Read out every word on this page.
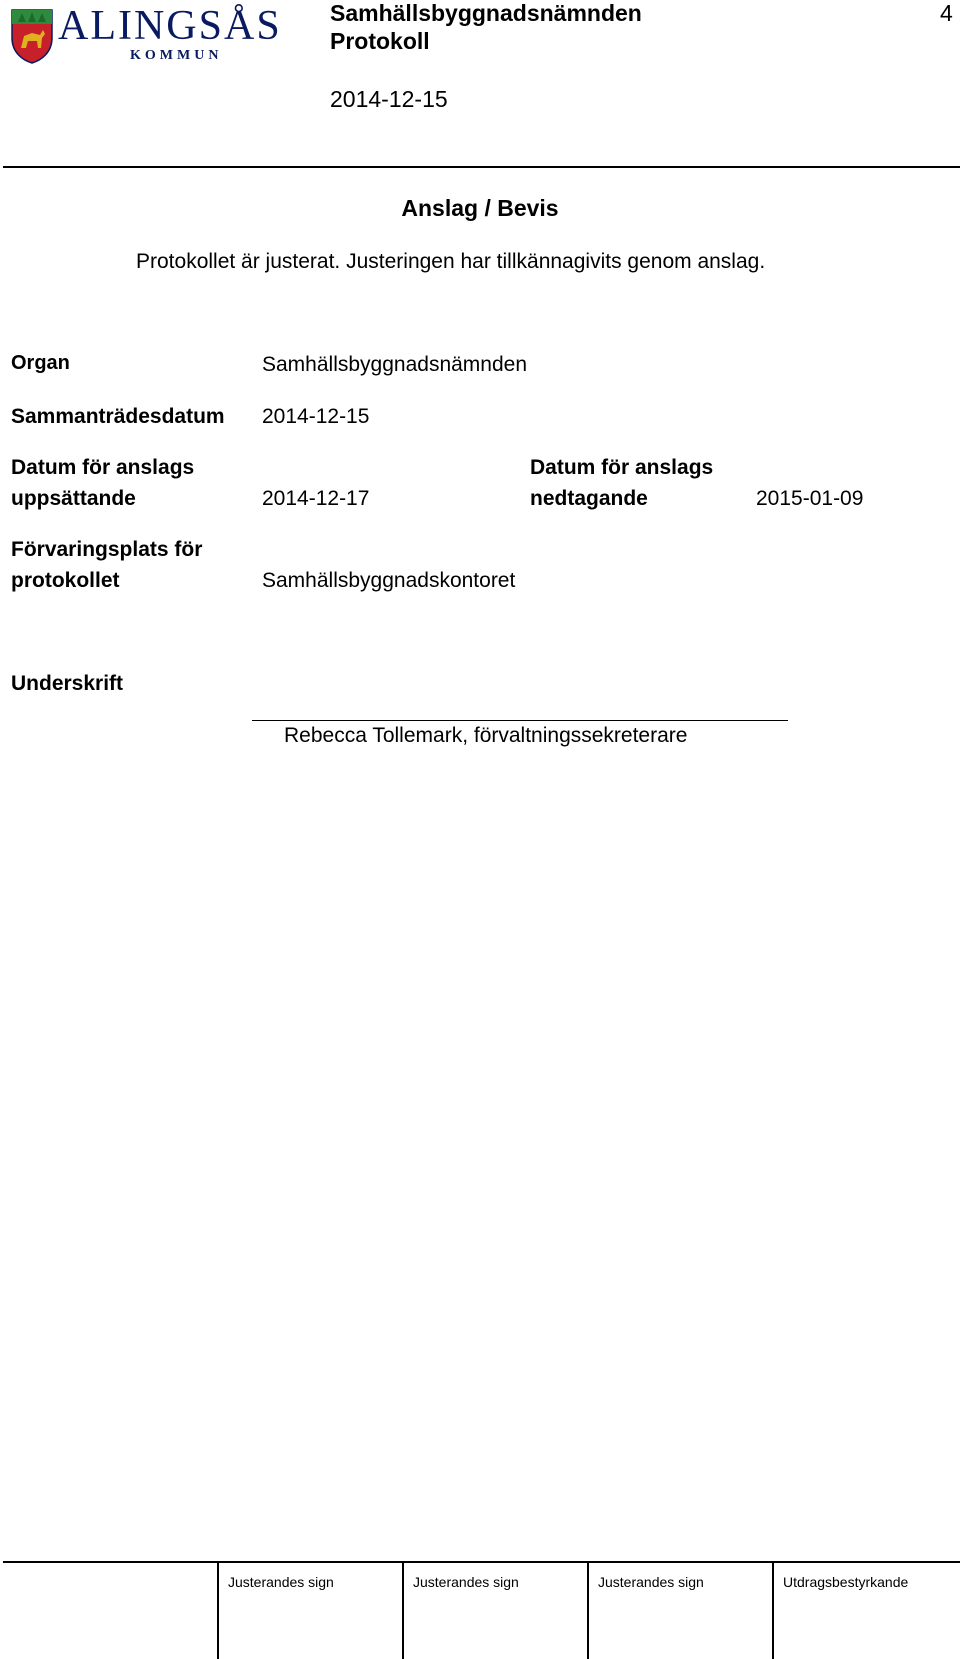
ALINGSÅS
KOMMUN
Samhällsbyggnadsnämnden
Protokoll
2014-12-15
4
Anslag / Bevis
Protokollet är justerat. Justeringen har tillkännagivits genom anslag.
Organ	Samhällsbyggnadsnämnden
Sammanträdesdatum 2014-12-15
Datum för anslags
uppsättande	2014-12-17
Datum för anslags
nedtagande	2015-01-09
Förvaringsplats för
protokollet	Samhällsbyggnadskontoret
Underskrift
Rebecca Tollemark, förvaltningssekreterare
Justerandes sign	Justerandes sign	Justerandes sign	Utdragsbestyrkande
